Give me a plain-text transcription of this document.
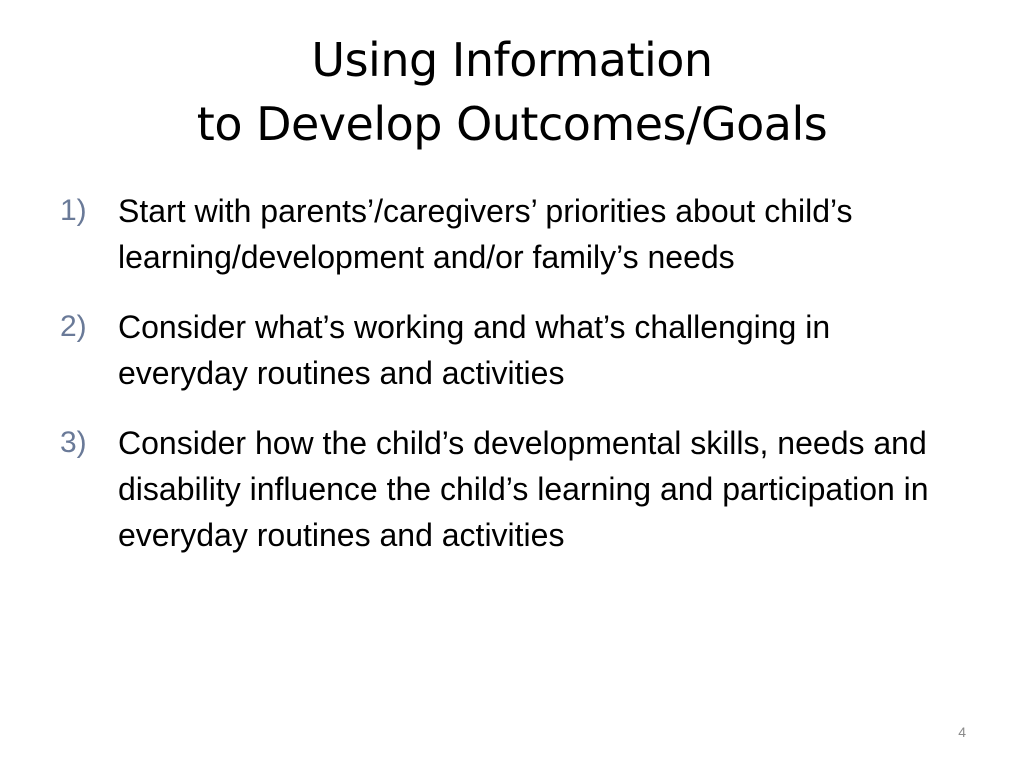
Using Information
to Develop Outcomes/Goals
1) Start with parents’/caregivers’ priorities about child’s learning/development and/or family’s needs
2) Consider what’s working and what’s challenging in everyday routines and activities
3) Consider how the child’s developmental skills, needs and disability influence the child’s learning and participation in everyday routines and activities
4
